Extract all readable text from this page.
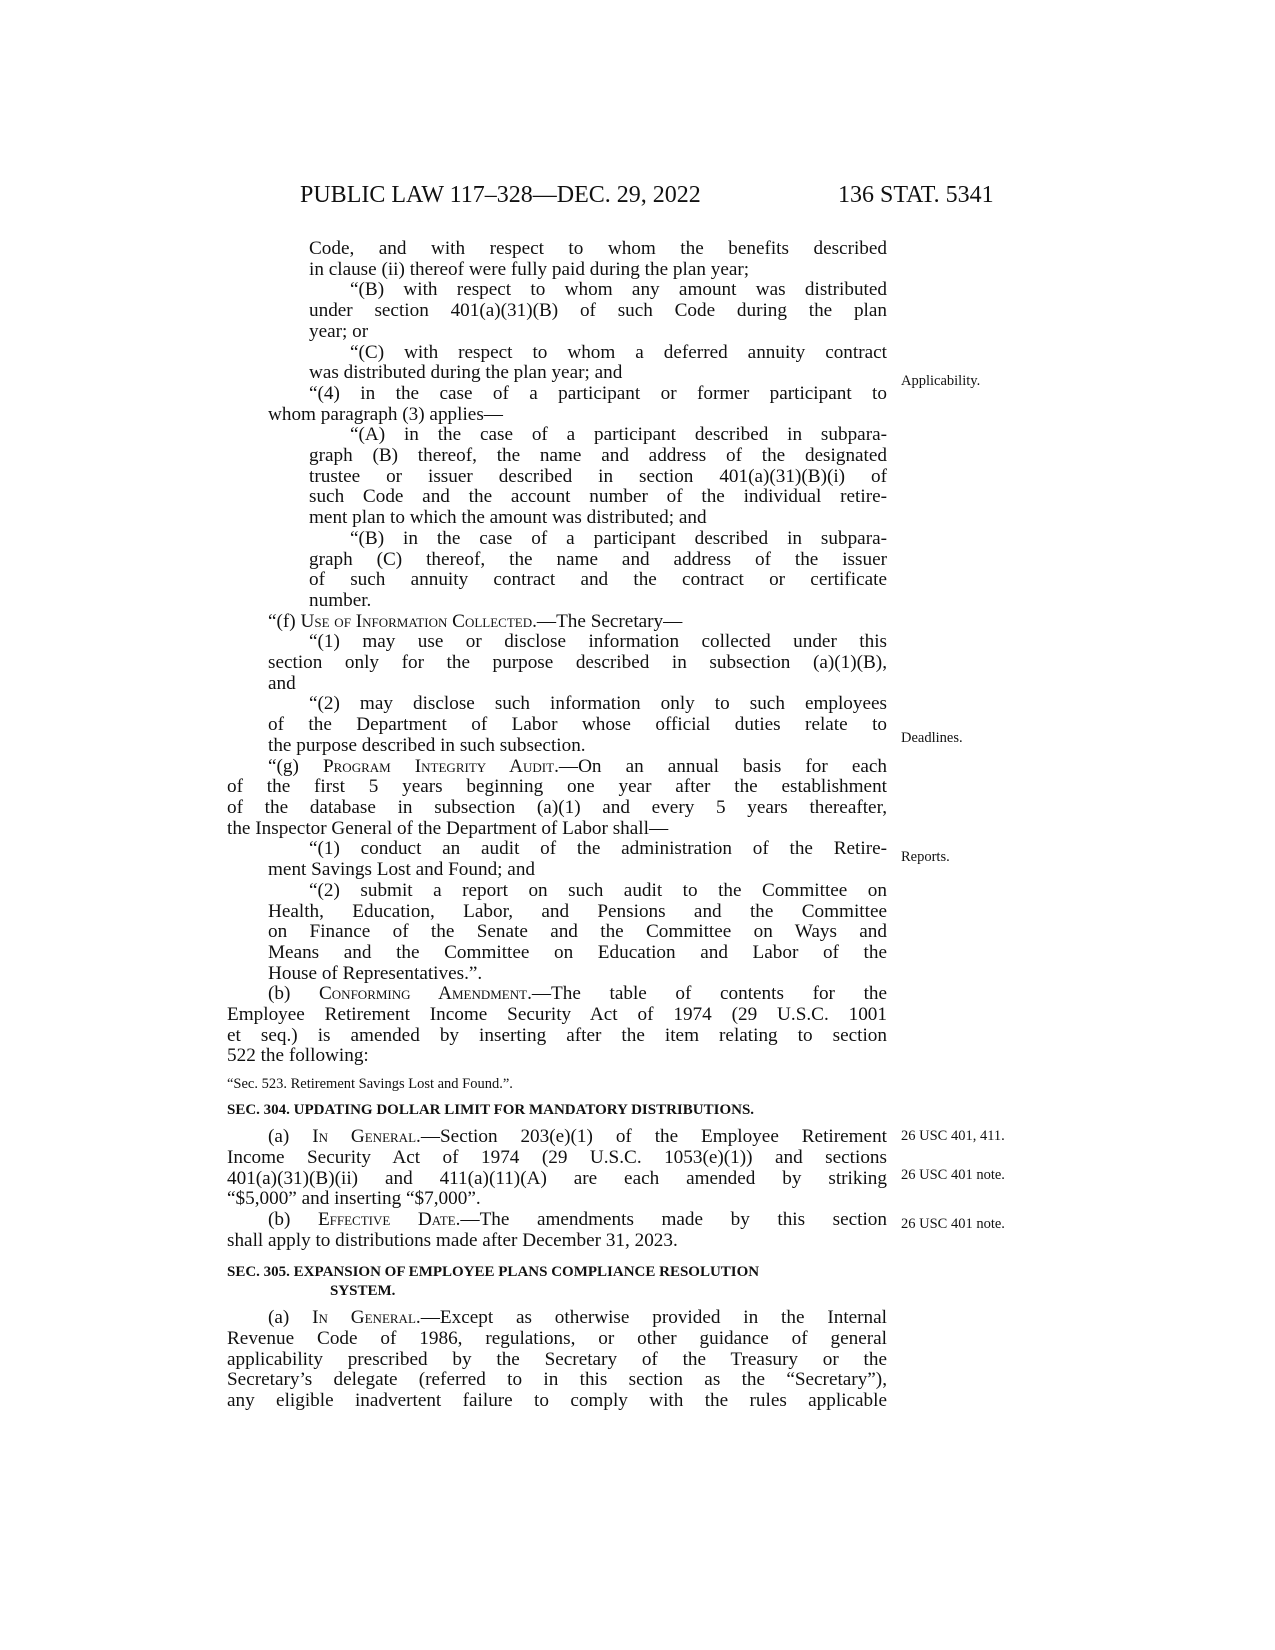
PUBLIC LAW 117–328—DEC. 29, 2022	136 STAT. 5341

Code, and with respect to whom the benefits described

in clause (ii) thereof were fully paid during the plan year;

“(B) with respect to whom any amount was distributed

under section 401(a)(31)(B) of such Code during the plan

year; or

“(C) with respect to whom a deferred annuity contract

was distributed during the plan year; and

“(4) in the case of a participant or former participant to

whom paragraph (3) applies—

“(A) in the case of a participant described in subpara-

graph (B) thereof, the name and address of the designated

trustee or issuer described in section 401(a)(31)(B)(i) of

such Code and the account number of the individual retire-

ment plan to which the amount was distributed; and

“(B) in the case of a participant described in subpara-

graph (C) thereof, the name and address of the issuer

of such annuity contract and the contract or certificate

number.

“(f) Use of Information Collected.—The Secretary—

“(1) may use or disclose information collected under this

section only for the purpose described in subsection (a)(1)(B),

and

“(2) may disclose such information only to such employees

of the Department of Labor whose official duties relate to

the purpose described in such subsection.

“(g) Program Integrity Audit.—On an annual basis for each

of the first 5 years beginning one year after the establishment

of the database in subsection (a)(1) and every 5 years thereafter,

the Inspector General of the Department of Labor shall—

“(1) conduct an audit of the administration of the Retire-

ment Savings Lost and Found; and

“(2) submit a report on such audit to the Committee on

Health, Education, Labor, and Pensions and the Committee

on Finance of the Senate and the Committee on Ways and

Means and the Committee on Education and Labor of the

House of Representatives.”.

(b) Conforming Amendment.—The table of contents for the

Employee Retirement Income Security Act of 1974 (29 U.S.C. 1001

et seq.) is amended by inserting after the item relating to section

522 the following:

“Sec. 523. Retirement Savings Lost and Found.”.

SEC. 304. UPDATING DOLLAR LIMIT FOR MANDATORY DISTRIBUTIONS.

(a) In General.—Section 203(e)(1) of the Employee Retirement

Income Security Act of 1974 (29 U.S.C. 1053(e)(1)) and sections

401(a)(31)(B)(ii) and 411(a)(11)(A) are each amended by striking

“$5,000” and inserting “$7,000”.

(b) Effective Date.—The amendments made by this section

shall apply to distributions made after December 31, 2023.

SEC. 305. EXPANSION OF EMPLOYEE PLANS COMPLIANCE RESOLUTION
SYSTEM.

(a) In General.—Except as otherwise provided in the Internal

Revenue Code of 1986, regulations, or other guidance of general

applicability prescribed by the Secretary of the Treasury or the

Secretary’s delegate (referred to in this section as the “Secretary”),

any eligible inadvertent failure to comply with the rules applicable

Applicability.
Deadlines.
Reports.
26 USC 401, 411.
26 USC 401 note.
26 USC 401 note.
